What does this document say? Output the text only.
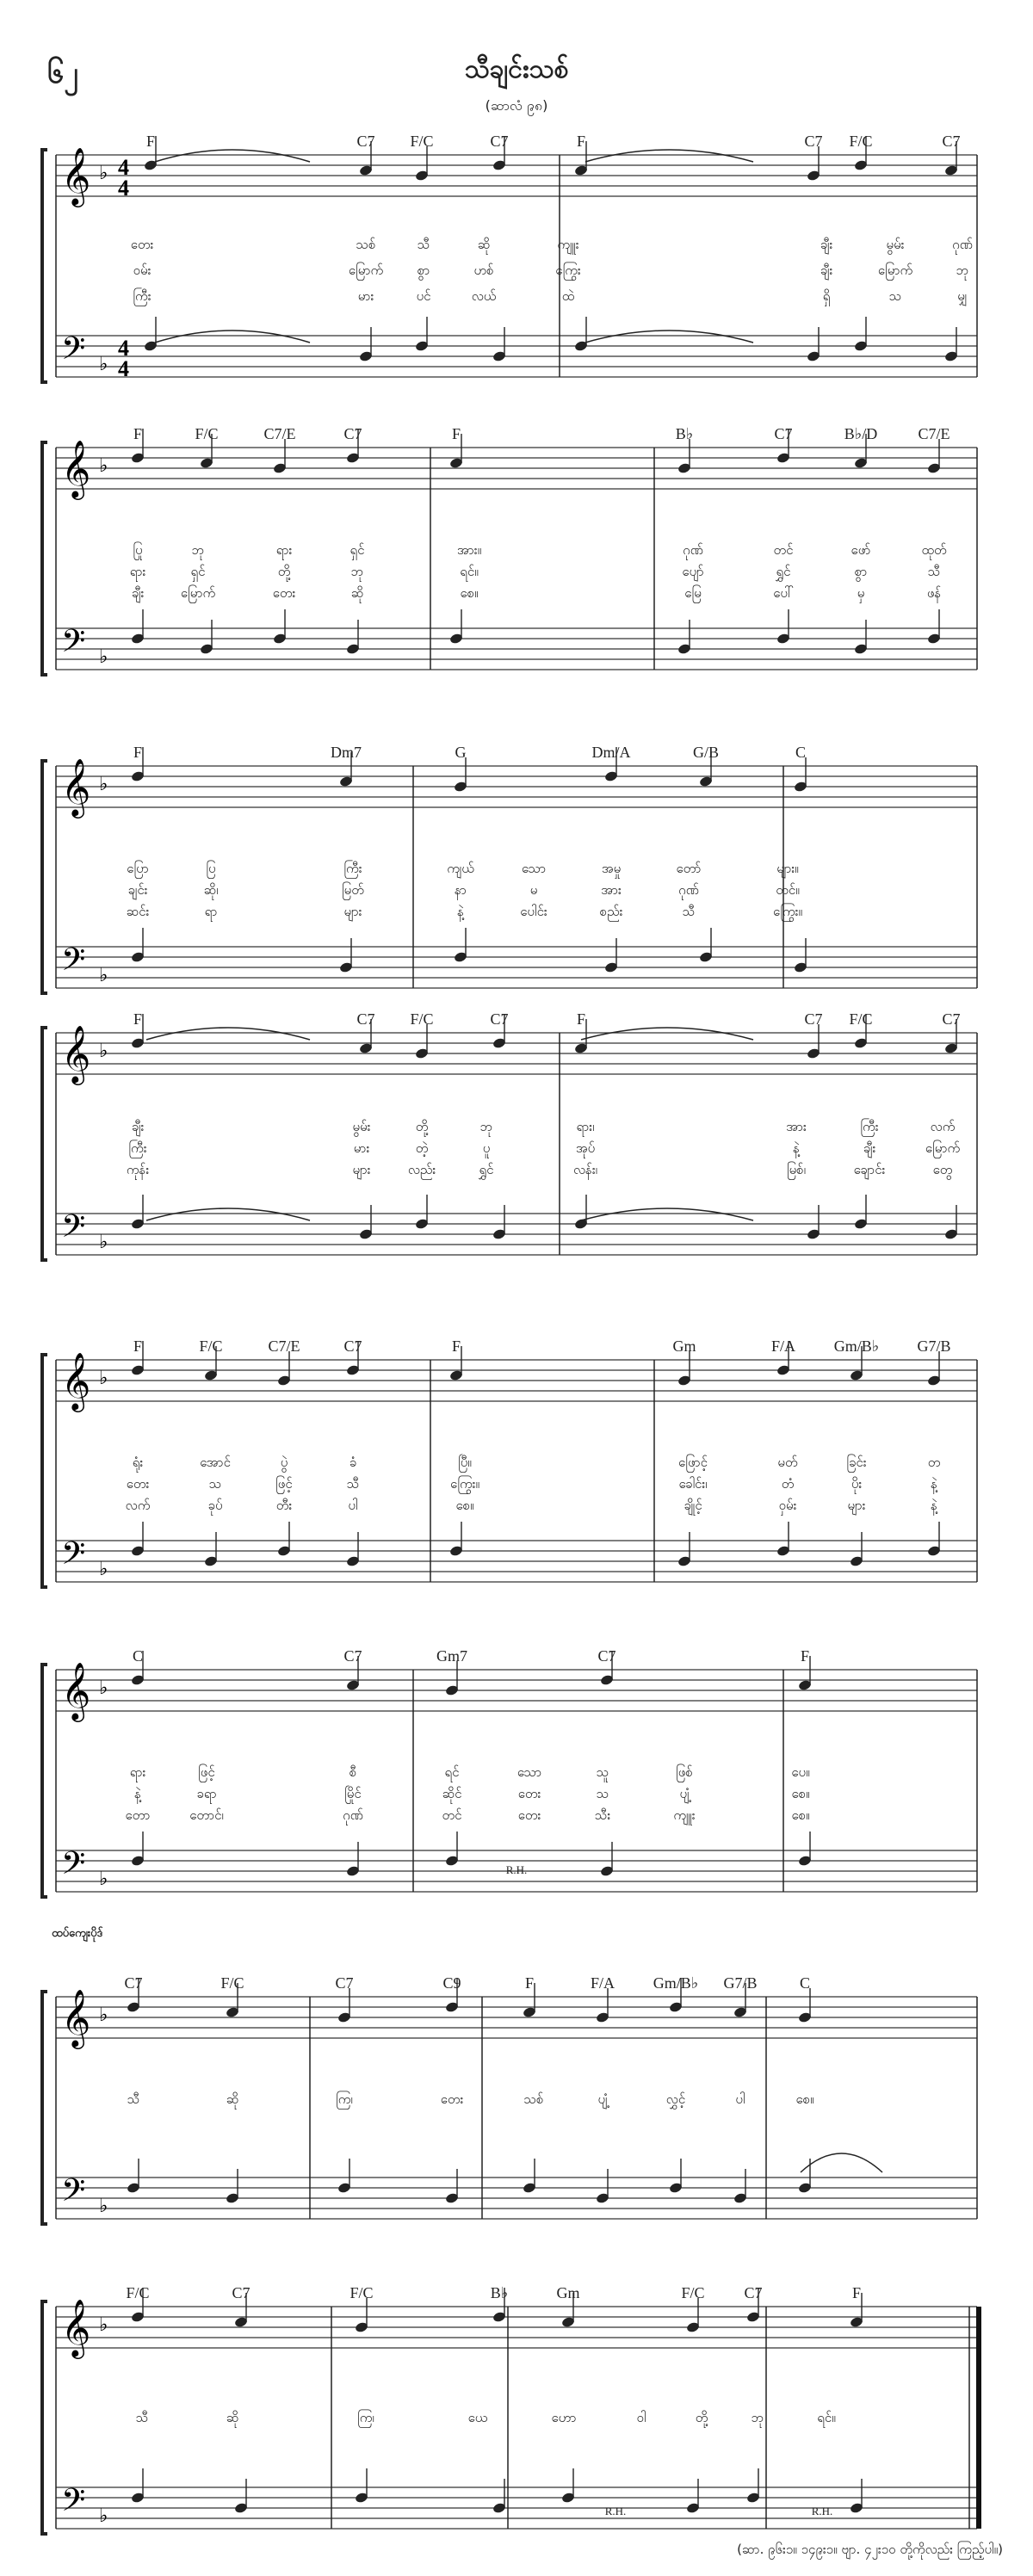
၆၂	သီချင်းသစ်
(ဆာလံ ၉၈)
𝄞
𝄢
♭
♭
4
4
4
4
F	C7 F/C	C7	F	C7 F/C	C7
တေး	သစ်	သီ	ဆို	ကျူး	ချီး	မွမ်း	ဂုဏ်
ဝမ်း	မြောက်	စွာ	ဟစ်	ကြွေး	ချီး	မြောက်	ဘု
ကြီး	မား	ပင်	လယ်	ထဲ	ရှိ	သ	မျှ
𝄞
𝄢
♭
♭
F	F/C	C7/E	C7	F	B♭	C7	B♭/D	C7/E
ပြု	ဘု	ရား	ရှင်	အား။	ဂုဏ်	တင်	ဖော်	ထုတ်
ရား	ရှင်	တို့	ဘု	ရင်။	ပျော်	ရွှင်	စွာ	သီ
ချီး	မြောက်	တေး	ဆို	စေ။	မြေ	ပေါ်	မှ	ဖန်
𝄞
𝄢
♭
♭
F	Dm7	G	Dm/A	G/B	C
ပြော	ပြ	ကြီး	ကျယ်	သော	အမှု	တော်	များ။
ချင်း	ဆို၊	မြတ်	နာ	မ	အား	ဂုဏ်	တင်။
ဆင်း	ရာ	များ	နဲ့	ပေါင်း	စည်း	သီ	ကြွေး။
𝄞
𝄢
♭
♭
F	C7 F/C	C7	F	C7 F/C	C7
ချီး	မွမ်း	တို့	ဘု	ရား၊	အား	ကြီး	လက်
ကြီး	မား	တဲ့	ပူ	အုပ်	နဲ့	ချီး	မြောက်
ကုန်း	များ	လည်း	ရွှင်	လန်း၊	မြစ်၊	ချောင်း	တွေ
𝄞
𝄢
♭
♭
F	F/C	C7/E	C7	F	Gm	F/A Gm/B♭ G7/B
ရုံး	အောင်	ပွဲ	ခံ	ပြီ။	ဖြောင့်	မတ်	ခြင်း	တ
တေး	သ	ဖြင့်	သီ	ကြွေး။	ခေါင်း၊	တံ	ပိုး	နဲ့
လက်	ခုပ်	တီး	ပါ	စေ။	ချိုင့်	ဝှမ်း	များ	နဲ့
𝄞
𝄢
♭
♭
C	C7	Gm7	C7	F
ရား	ဖြင့်	စီ	ရင်	သော	သူ	ဖြစ်	ပေ။
နဲ့	ခရာ	မြိုင်	ဆိုင်	တေး	သ	ပျံ့	စေ။
တော	တောင်၊	ဂုဏ်	တင်	တေး	သီး	ကျူး	စေ။
R.H.
ထပ်ကျေးပိုဒ်
𝄞
𝄢
♭
♭
C7	F/C	C7	C9	F	F/A Gm/B♭ G7/B	C
သီ	ဆို	ကြ၊	တေး	သစ်	ပျံ့	လွှင့်	ပါ	စေ။
𝄞
𝄢
♭
♭
F/C	C7	F/C	B♭	Gm	F/C	C7	F
သီ	ဆို	ကြ၊	ယေ	ဟော	ဝါ	တို့	ဘု	ရင်။
R.H.	R.H.
(ဆာ. ၉၆း၁။ ၁၄၉း၁။ ဗျာ. ၄၂း၁၀ တို့ကိုလည်း ကြည့်ပါ။)
